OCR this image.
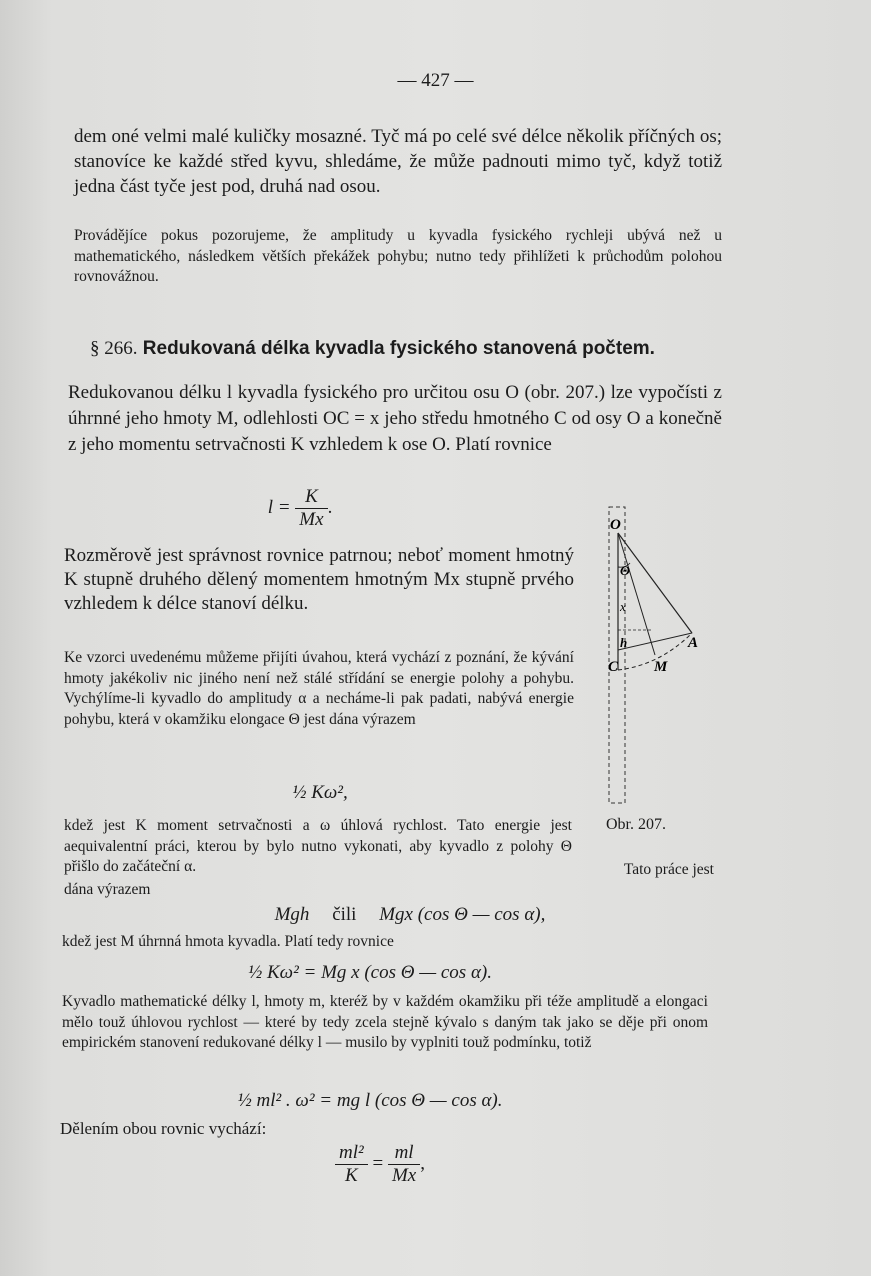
— 427 —
dem oné velmi malé kuličky mosazné. Tyč má po celé své délce několik příčných os; stanovíce ke každé střed kyvu, shledáme, že může padnouti mimo tyč, když totiž jedna část tyče jest pod, druhá nad osou.
Provádějíce pokus pozorujeme, že amplitudy u kyvadla fysického rychleji ubývá než u mathematického, následkem větších překážek pohybu; nutno tedy přihlížeti k průchodům polohou rovnovážnou.
§ 266. Redukovaná délka kyvadla fysického stanovená počtem.
Redukovanou délku l kyvadla fysického pro určitou osu O (obr. 207.) lze vypočísti z úhrnné jeho hmoty M, odlehlosti OC = x jeho středu hmotného C od osy O a konečně z jeho momentu setrvačnosti K vzhledem k ose O. Platí rovnice
$l = \frac{K}{Mx}$ .
Rozměrově jest správnost rovnice patrnou; neboť moment hmotný K stupně druhého dělený momentem hmotným Mx stupně prvého vzhledem k délce stanoví délku.
Ke vzorci uvedenému můžeme přijíti úvahou, která vychází z poznání, že kývání hmoty jakékoliv nic jiného není než stálé střídání se energie polohy a pohybu. Vychýlíme-li kyvadlo do amplitudy α a necháme-li pak padati, nabývá energie pohybu, která v okamžiku elongace Θ jest dána výrazem
½ Kω²,
kdež jest K moment setrvačnosti a ω úhlová rychlost. Tato energie jest aequivalentní práci, kterou by bylo nutno vykonati, aby kyvadlo z polohy Θ přišlo do začáteční α.	Tato práce jest
dána výrazem
Mgh čili Mgx (cos Θ — cos α),
kdež jest M úhrnná hmota kyvadla. Platí tedy rovnice
½ Kω² = Mg x (cos Θ — cos α).
Kyvadlo mathematické délky l, hmoty m, kteréž by v každém okamžiku při téže amplitudě a elongaci mělo touž úhlovou rychlost — které by tedy zcela stejně kývalo s daným tak jako se děje při onom empirickém stanovení redukované délky l — musilo by vyplniti touž podmínku, totiž
½ ml² . ω² = mg l (cos Θ — cos α).
Dělením obou rovnic vychází:
$\frac{\text{ml²}}{K} = \frac{ml}{Mx}$ ,
O
Θ
x
h
C
A
M
Obr. 207.
